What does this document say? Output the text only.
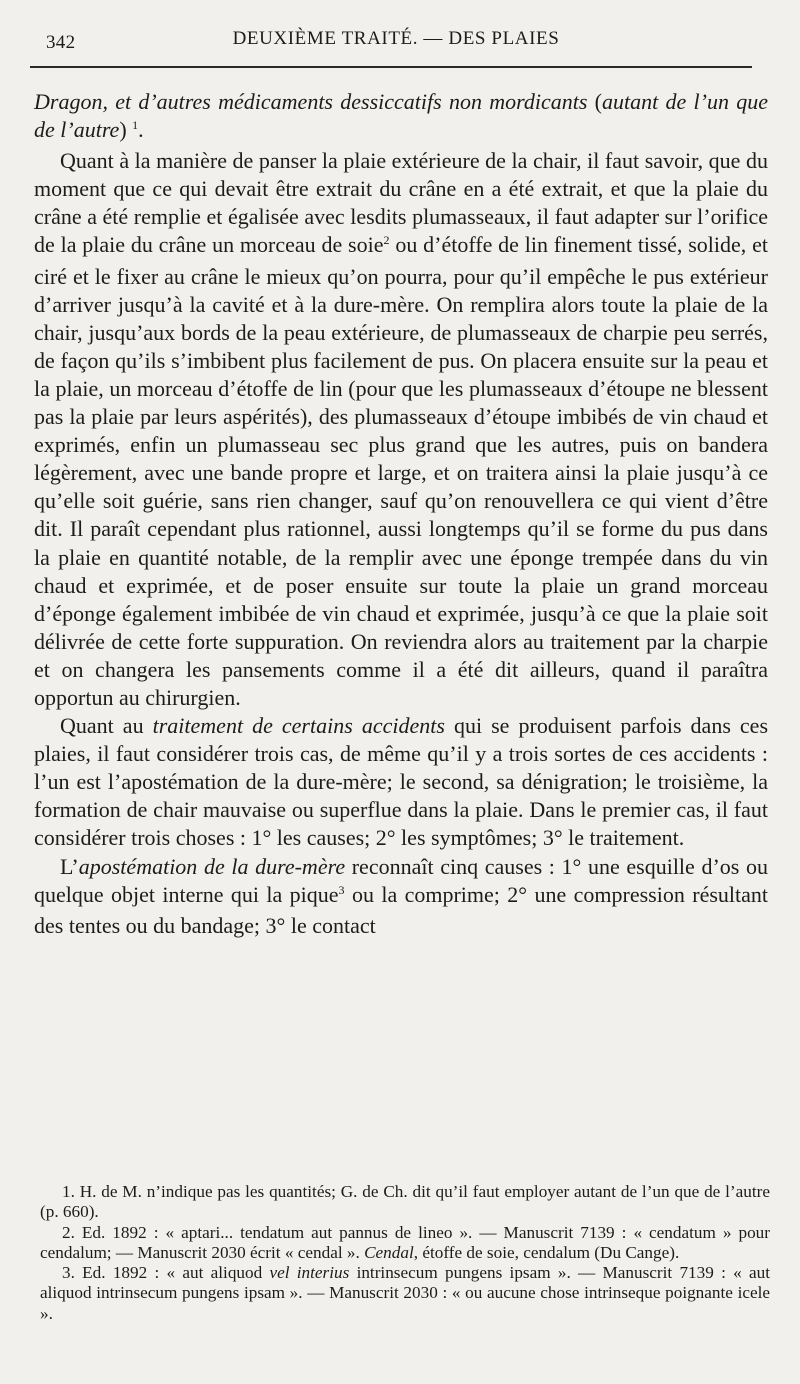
342	DEUXIÈME TRAITÉ. — DES PLAIES

Dragon, et d’autres médicaments dessiccatifs non mordicants (autant de l’un que de l’autre) $^1$.

Quant à la manière de panser la plaie extérieure de la chair, il faut savoir, que du moment que ce qui devait être extrait du crâne en a été extrait, et que la plaie du crâne a été remplie et égalisée avec lesdits plumasseaux, il faut adapter sur l’orifice de la plaie du crâne un morceau de soie$^2$ ou d’étoffe de lin finement tissé, solide, et ciré et le fixer au crâne le mieux qu’on pourra, pour qu’il empêche le pus extérieur d’arriver jusqu’à la cavité et à la dure-mère. On remplira alors toute la plaie de la chair, jusqu’aux bords de la peau extérieure, de plumasseaux de charpie peu serrés, de façon qu’ils s’imbibent plus facilement de pus. On placera ensuite sur la peau et la plaie, un morceau d’étoffe de lin (pour que les plumasseaux d’étoupe ne blessent pas la plaie par leurs aspérités), des plumasseaux d’étoupe imbibés de vin chaud et exprimés, enfin un plumasseau sec plus grand que les autres, puis on bandera légèrement, avec une bande propre et large, et on traitera ainsi la plaie jusqu’à ce qu’elle soit guérie, sans rien changer, sauf qu’on renouvellera ce qui vient d’être dit. Il paraît cependant plus rationnel, aussi longtemps qu’il se forme du pus dans la plaie en quantité notable, de la remplir avec une éponge trempée dans du vin chaud et exprimée, et de poser ensuite sur toute la plaie un grand morceau d’éponge également imbibée de vin chaud et exprimée, jusqu’à ce que la plaie soit délivrée de cette forte suppuration. On reviendra alors au traitement par la charpie et on changera les pansements comme il a été dit ailleurs, quand il paraîtra opportun au chirurgien.

Quant au traitement de certains accidents qui se produisent parfois dans ces plaies, il faut considérer trois cas, de même qu’il y a trois sortes de ces accidents : l’un est l’apostémation de la dure-mère; le second, sa dénigration; le troisième, la formation de chair mauvaise ou superflue dans la plaie. Dans le premier cas, il faut considérer trois choses : 1° les causes; 2° les symptômes; 3° le traitement.

L’apostémation de la dure-mère reconnaît cinq causes : 1° une esquille d’os ou quelque objet interne qui la pique$^3$ ou la comprime; 2° une compression résultant des tentes ou du bandage; 3° le contact

1. H. de M. n’indique pas les quantités; G. de Ch. dit qu’il faut employer autant de l’un que de l’autre (p. 660).

2. Ed. 1892 : « aptari... tendatum aut pannus de lineo ». — Manuscrit 7139 : « cendatum » pour cendalum; — Manuscrit 2030 écrit « cendal ». Cendal, étoffe de soie, cendalum (Du Cange).

3. Ed. 1892 : « aut aliquod vel interius intrinsecum pungens ipsam ». — Manuscrit 7139 : « aut aliquod intrinsecum pungens ipsam ». — Manuscrit 2030 : « ou aucune chose intrinseque poignante icele ».
